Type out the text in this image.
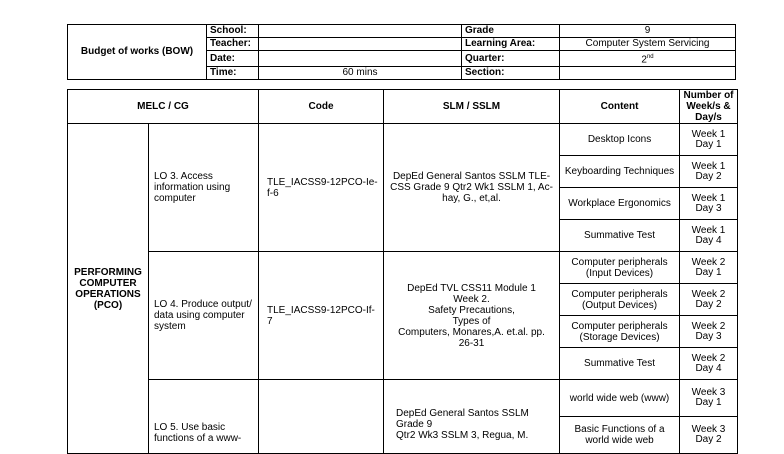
Budget of works (BOW)	School:		Grade	9
	Teacher:		Learning Area:	Computer System Servicing
	Date:		Quarter:	2nd
	Time:	60 mins	Section:	
MELC / CG		Code	SLM / SSLM	Content	Number of Week/s & Day/s
PERFORMING COMPUTER OPERATIONS (PCO)	LO 3. Access information using computer	TLE_IACSS9-12PCO-Ie-f-6	DepEd General Santos SSLM TLE-CSS Grade 9 Qtr2 Wk1 SSLM 1, Ac-hay, G., et,al.	Desktop Icons	Week 1
Day 1
				Keyboarding Techniques	Week 1
Day 2
				Workplace Ergonomics	Week 1
Day 3
				Summative Test	Week 1
Day 4
	LO 4. Produce output/ data using computer system	TLE_IACSS9-12PCO-If-7	DepEd TVL CSS11 Module 1
Week 2.
Safety Precautions,
Types of
Computers, Monares,A. et.al. pp. 26-31	Computer peripherals (Input Devices)	Week 2
Day 1
				Computer peripherals (Output Devices)	Week 2
Day 2
				Computer peripherals (Storage Devices)	Week 2
Day 3
				Summative Test	Week 2
Day 4
	LO 5. Use basic functions of a www-		DepEd General Santos SSLM
Grade 9
Qtr2 Wk3 SSLM 3, Regua, M.	world wide web (www)	Week 3
Day 1
				Basic Functions of a world wide web	Week 3
Day 2
